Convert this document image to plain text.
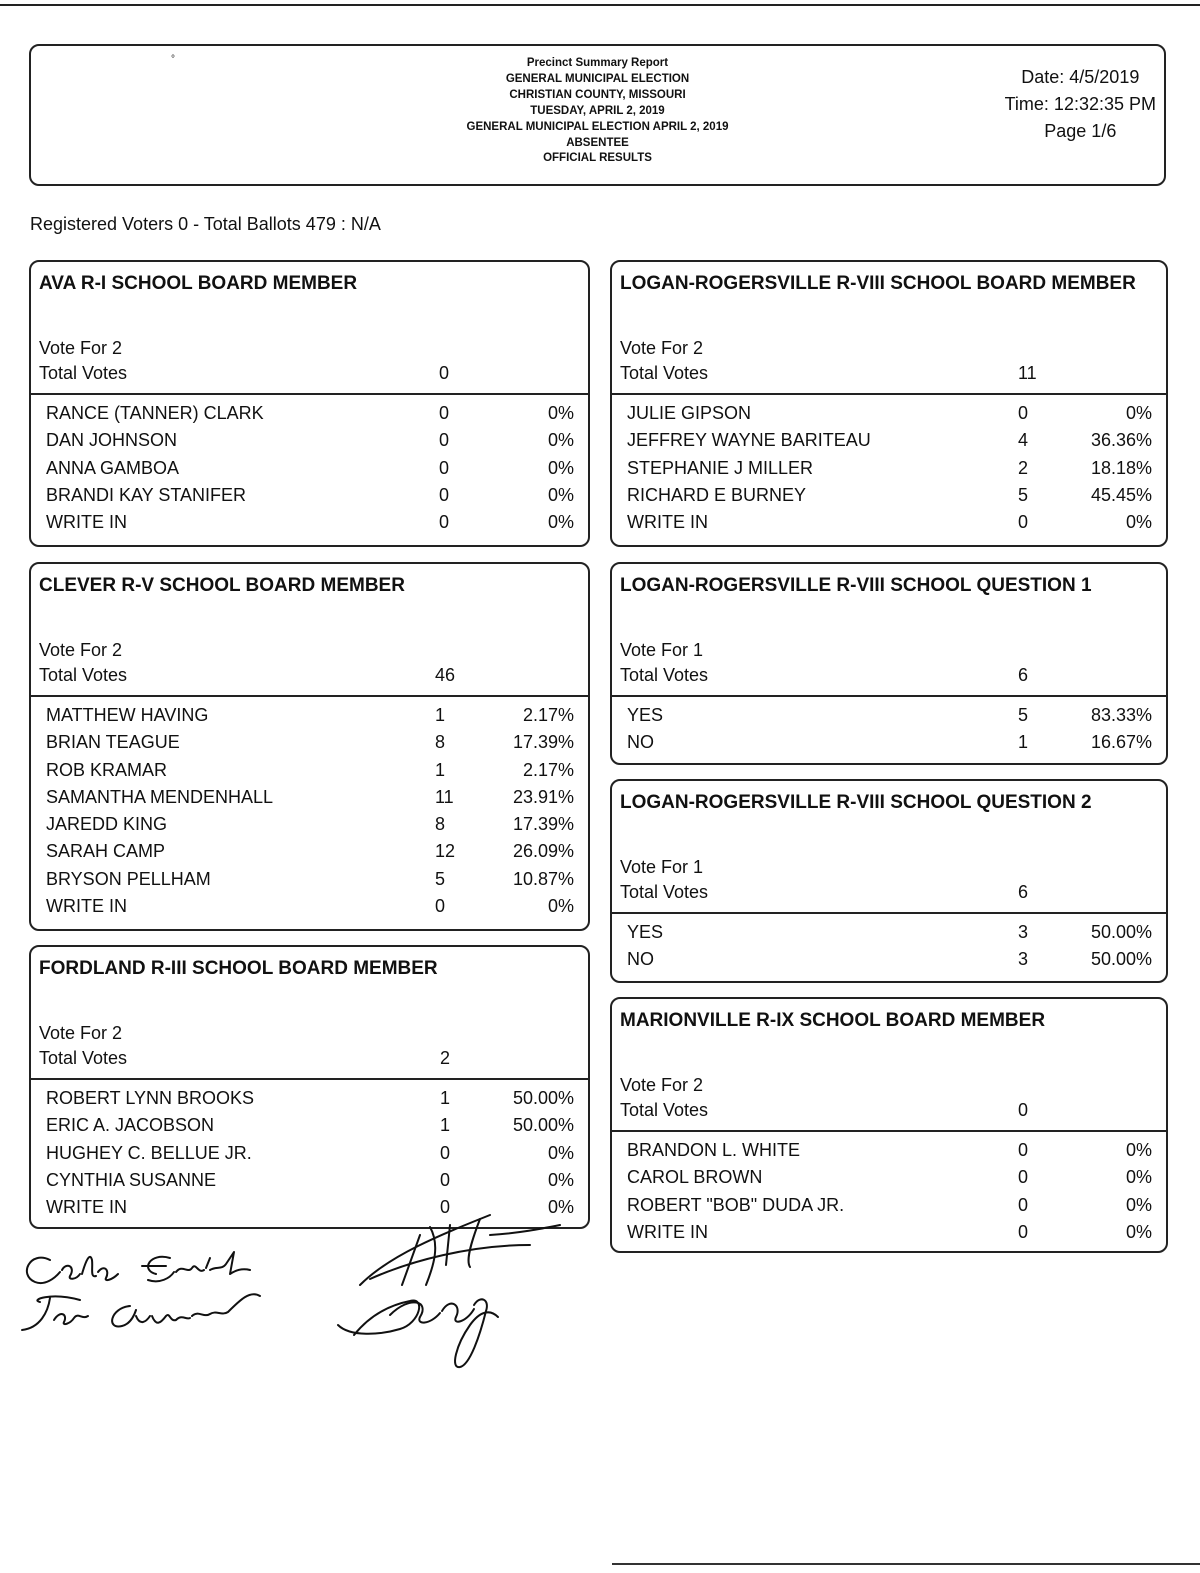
°	Precinct Summary Report
GENERAL MUNICIPAL ELECTION
CHRISTIAN COUNTY, MISSOURI
TUESDAY, APRIL 2, 2019
GENERAL MUNICIPAL ELECTION APRIL 2, 2019
ABSENTEE
OFFICIAL RESULTS
Date: 4/5/2019
Time: 12:32:35 PM
Page 1/6
Registered Voters 0 - Total Ballots 479 : N/A
AVA R-I SCHOOL BOARD MEMBER
Vote For 2
Total Votes	0
RANCE (TANNER) CLARK	0	0%
DAN JOHNSON	0	0%
ANNA GAMBOA	0	0%
BRANDI KAY STANIFER	0	0%
WRITE IN	0	0%
CLEVER R-V SCHOOL BOARD MEMBER
Vote For 2
Total Votes	46
MATTHEW HAVING	1	2.17%
BRIAN TEAGUE	8	17.39%
ROB KRAMAR	1	2.17%
SAMANTHA MENDENHALL	11	23.91%
JAREDD KING	8	17.39%
SARAH CAMP	12	26.09%
BRYSON PELLHAM	5	10.87%
WRITE IN	0	0%
FORDLAND R-III SCHOOL BOARD MEMBER
Vote For 2
Total Votes	2
ROBERT LYNN BROOKS	1	50.00%
ERIC A. JACOBSON	1	50.00%
HUGHEY C. BELLUE JR.	0	0%
CYNTHIA SUSANNE	0	0%
WRITE IN	0	0%
LOGAN-ROGERSVILLE R-VIII SCHOOL BOARD MEMBER
Vote For 2
Total Votes	11
JULIE GIPSON	0	0%
JEFFREY WAYNE BARITEAU	4	36.36%
STEPHANIE J MILLER	2	18.18%
RICHARD E BURNEY	5	45.45%
WRITE IN	0	0%
LOGAN-ROGERSVILLE R-VIII SCHOOL QUESTION 1
Vote For 1
Total Votes	6
YES	5	83.33%
NO	1	16.67%
LOGAN-ROGERSVILLE R-VIII SCHOOL QUESTION 2
Vote For 1
Total Votes	6
YES	3	50.00%
NO	3	50.00%
MARIONVILLE R-IX SCHOOL BOARD MEMBER
Vote For 2
Total Votes	0
BRANDON L. WHITE	0	0%
CAROL BROWN	0	0%
ROBERT "BOB" DUDA JR.	0	0%
WRITE IN	0	0%
